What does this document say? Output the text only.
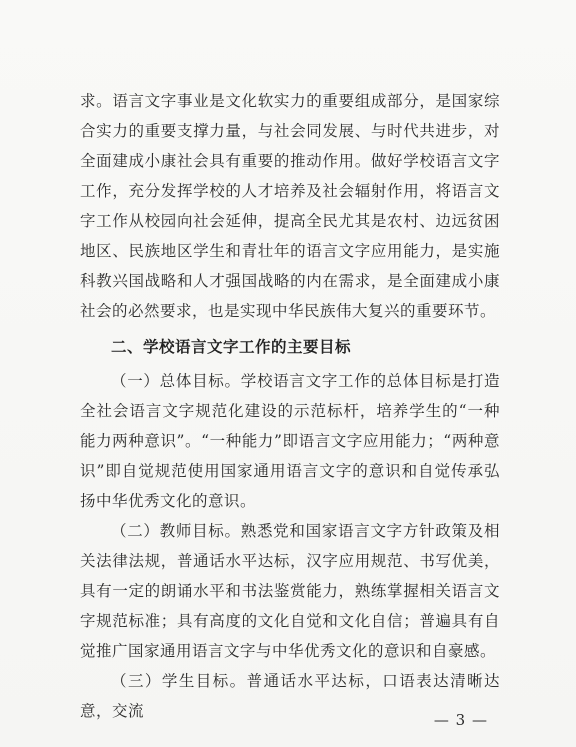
求。语言文字事业是文化软实力的重要组成部分，是国家综合实力的重要支撑力量，与社会同发展、与时代共进步，对全面建成小康社会具有重要的推动作用。做好学校语言文字工作，充分发挥学校的人才培养及社会辐射作用，将语言文字工作从校园向社会延伸，提高全民尤其是农村、边远贫困地区、民族地区学生和青壮年的语言文字应用能力，是实施科教兴国战略和人才强国战略的内在需求，是全面建成小康社会的必然要求，也是实现中华民族伟大复兴的重要环节。

二、学校语言文字工作的主要目标

（一）总体目标。学校语言文字工作的总体目标是打造全社会语言文字规范化建设的示范标杆，培养学生的“一种能力两种意识”。“一种能力”即语言文字应用能力；“两种意识”即自觉规范使用国家通用语言文字的意识和自觉传承弘扬中华优秀文化的意识。

（二）教师目标。熟悉党和国家语言文字方针政策及相关法律法规，普通话水平达标，汉字应用规范、书写优美，具有一定的朗诵水平和书法鉴赏能力，熟练掌握相关语言文字规范标准；具有高度的文化自觉和文化自信；普遍具有自觉推广国家通用语言文字与中华优秀文化的意识和自豪感。

（三）学生目标。普通话水平达标，口语表达清晰达意，交流	— 3 —
